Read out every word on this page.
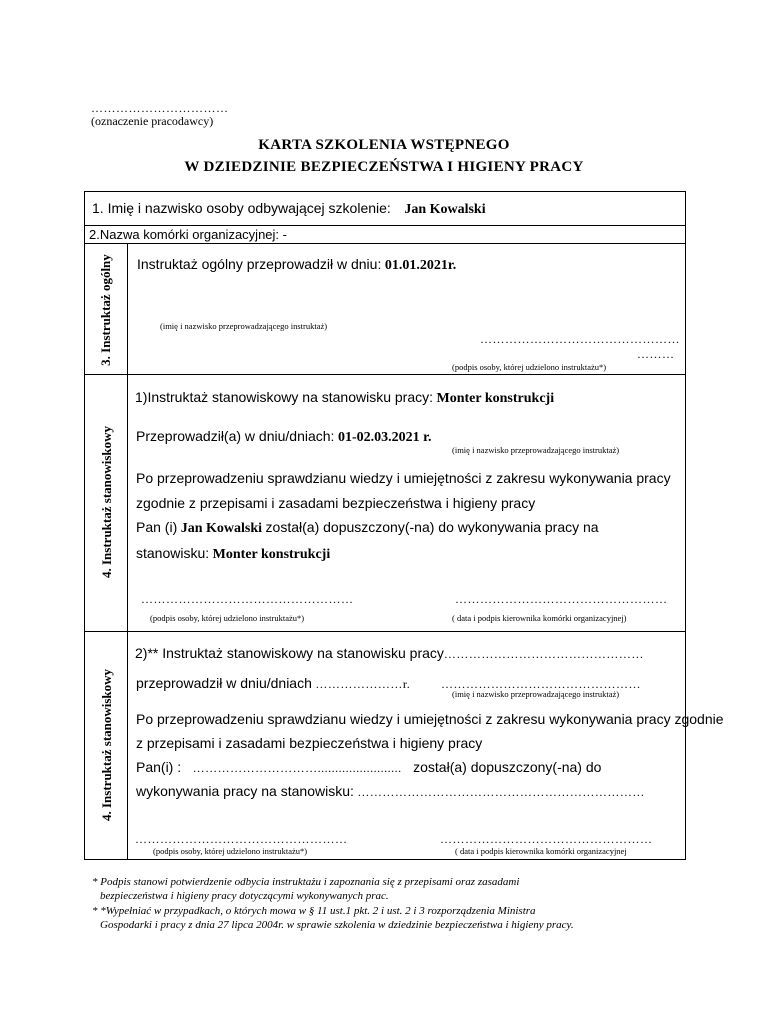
……………………………
(oznaczenie pracodawcy)
KARTA SZKOLENIA WSTĘPNEGO
W DZIEDZINIE BEZPIECZEŃSTWA I HIGIENY PRACY
1. Imię i nazwisko osoby odbywającej szkolenie: Jan Kowalski
2.Nazwa komórki organizacyjnej: -
3. Instruktaż ogólny Instruktaż ogólny przeprowadził w dniu: 01.01.2021r.
(imię i nazwisko przeprowadzającego instruktaż)
…………………………………………
………
(podpis osoby, której udzielono instruktażu*)
4. Instruktaż stanowiskowy
1)Instruktaż stanowiskowy na stanowisku pracy: Monter konstrukcji
Przeprowadził(a) w dniu/dniach: 01-02.03.2021 r.
(imię i nazwisko przeprowadzającego instruktaż)
Po przeprowadzeniu sprawdzianu wiedzy i umiejętności z zakresu wykonywania pracy
zgodnie z przepisami i zasadami bezpieczeństwa i higieny pracy
Pan (i) Jan Kowalski został(a) dopuszczony(-na) do wykonywania pracy na
stanowisku: Monter konstrukcji
……………………………………………	……………………………………………
(podpis osoby, której udzielono instruktażu*)	( data i podpis kierownika komórki organizacyjnej)
4. Instruktaż stanowiskowy
2)** Instruktaż stanowiskowy na stanowisku pracy…………………………………………
przeprowadził w dniu/dniach …………………r.	…………………………………………
(imię i nazwisko przeprowadzającego instruktaż)
Po przeprowadzeniu sprawdzianu wiedzy i umiejętności z zakresu wykonywania pracy zgodnie
z przepisami i zasadami bezpieczeństwa i higieny pracy
Pan(i) : …………………………........................ został(a) dopuszczony(-na) do
wykonywania pracy na stanowisku: ……………………………………………………………
……………………………………………	……………………………………………
(podpis osoby, której udzielono instruktażu*)	( data i podpis kierownika komórki organizacyjnej
* Podpis stanowi potwierdzenie odbycia instruktażu i zapoznania się z przepisami oraz zasadami
bezpieczeństwa i higieny pracy dotyczącymi wykonywanych prac.
* *Wypełniać w przypadkach, o których mowa w § 11 ust.1 pkt. 2 i ust. 2 i 3 rozporządzenia Ministra
Gospodarki i pracy z dnia 27 lipca 2004r. w sprawie szkolenia w dziedzinie bezpieczeństwa i higieny pracy.
